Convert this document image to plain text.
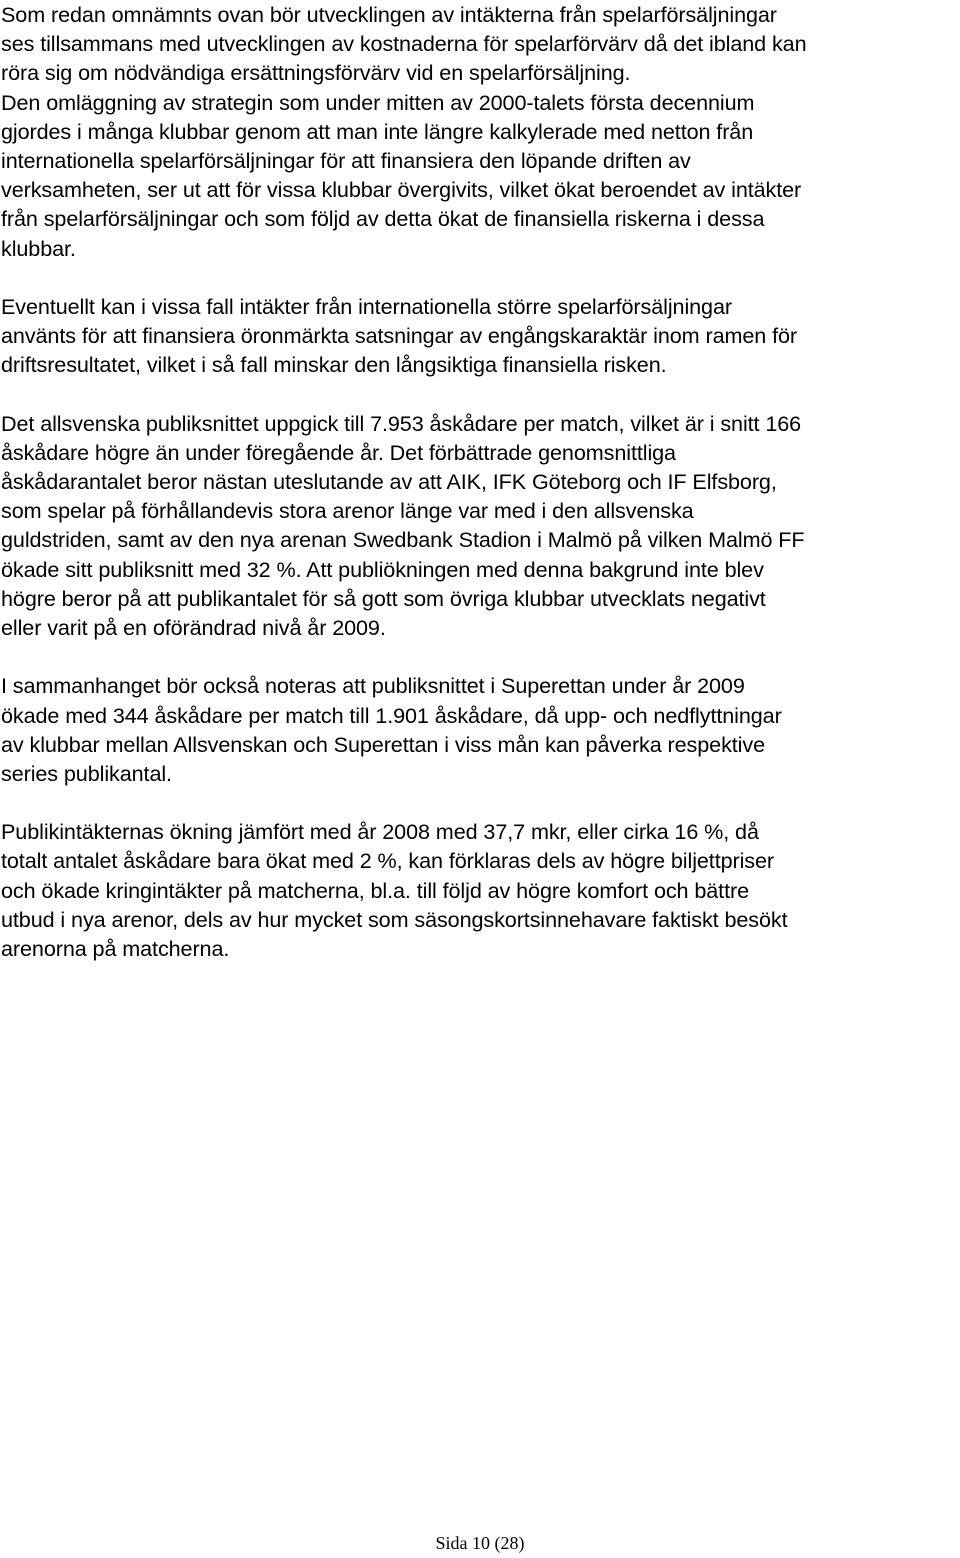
Som redan omnämnts ovan bör utvecklingen av intäkterna från spelarförsäljningar
ses tillsammans med utvecklingen av kostnaderna för spelarförvärv då det ibland kan
röra sig om nödvändiga ersättningsförvärv vid en spelarförsäljning.
Den omläggning av strategin som under mitten av 2000-talets första decennium
gjordes i många klubbar genom att man inte längre kalkylerade med netton från
internationella spelarförsäljningar för att finansiera den löpande driften av
verksamheten, ser ut att för vissa klubbar övergivits, vilket ökat beroendet av intäkter
från spelarförsäljningar och som följd av detta ökat de finansiella riskerna i dessa
klubbar.

Eventuellt kan i vissa fall intäkter från internationella större spelarförsäljningar
använts för att finansiera öronmärkta satsningar av engångskaraktär inom ramen för
driftsresultatet, vilket i så fall minskar den långsiktiga finansiella risken.

Det allsvenska publiksnittet uppgick till 7.953 åskådare per match, vilket är i snitt 166
åskådare högre än under föregående år. Det förbättrade genomsnittliga
åskådarantalet beror nästan uteslutande av att AIK, IFK Göteborg och IF Elfsborg,
som spelar på förhållandevis stora arenor länge var med i den allsvenska
guldstriden, samt av den nya arenan Swedbank Stadion i Malmö på vilken Malmö FF
ökade sitt publiksnitt med 32 %. Att publiökningen med denna bakgrund inte blev
högre beror på att publikantalet för så gott som övriga klubbar utvecklats negativt
eller varit på en oförändrad nivå år 2009.

I sammanhanget bör också noteras att publiksnittet i Superettan under år 2009
ökade med 344 åskådare per match till 1.901 åskådare, då upp- och nedflyttningar
av klubbar mellan Allsvenskan och Superettan i viss mån kan påverka respektive
series publikantal.

Publikintäkternas ökning jämfört med år 2008 med 37,7 mkr, eller cirka 16 %, då
totalt antalet åskådare bara ökat med 2 %, kan förklaras dels av högre biljettpriser
och ökade kringintäkter på matcherna, bl.a. till följd av högre komfort och bättre
utbud i nya arenor, dels av hur mycket som säsongskortsinnehavare faktiskt besökt
arenorna på matcherna.

Sida 10 (28)
